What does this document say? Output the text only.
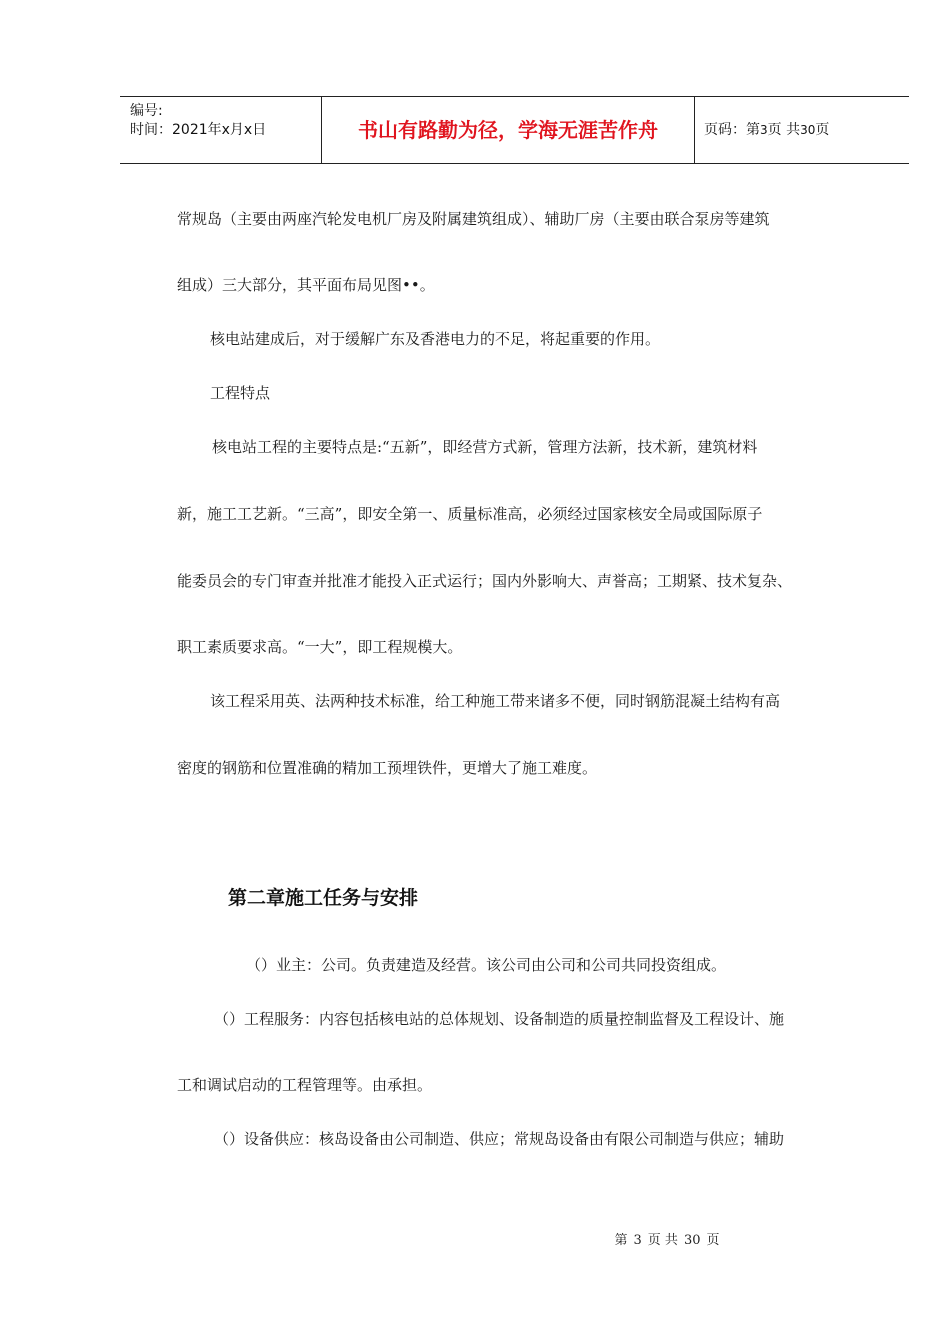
编号:
时间：2021年x月x日	书山有路勤为径，学海无涯苦作舟	页码：第3页 共30页
常规岛（主要由两座汽轮发电机厂房及附属建筑组成）、辅助厂房（主要由联合泵房等建筑
组成）三大部分，其平面布局见图••。
核电站建成后，对于缓解广东及香港电力的不足，将起重要的作用。
工程特点
核电站工程的主要特点是:“五新”，即经营方式新，管理方法新，技术新，建筑材料
新，施工工艺新。“三高”，即安全第一、质量标准高，必须经过国家核安全局或国际原子
能委员会的专门审查并批准才能投入正式运行；国内外影响大、声誉高；工期紧、技术复杂、
职工素质要求高。“一大”，即工程规模大。
该工程采用英、法两种技术标准，给工种施工带来诸多不便，同时钢筋混凝土结构有高
密度的钢筋和位置准确的精加工预埋铁件，更增大了施工难度。
第二章施工任务与安排
（）业主：公司。负责建造及经营。该公司由公司和公司共同投资组成。
（）工程服务：内容包括核电站的总体规划、设备制造的质量控制监督及工程设计、施
工和调试启动的工程管理等。由承担。
（）设备供应：核岛设备由公司制造、供应；常规岛设备由有限公司制造与供应；辅助
第 3 页 共 30 页
